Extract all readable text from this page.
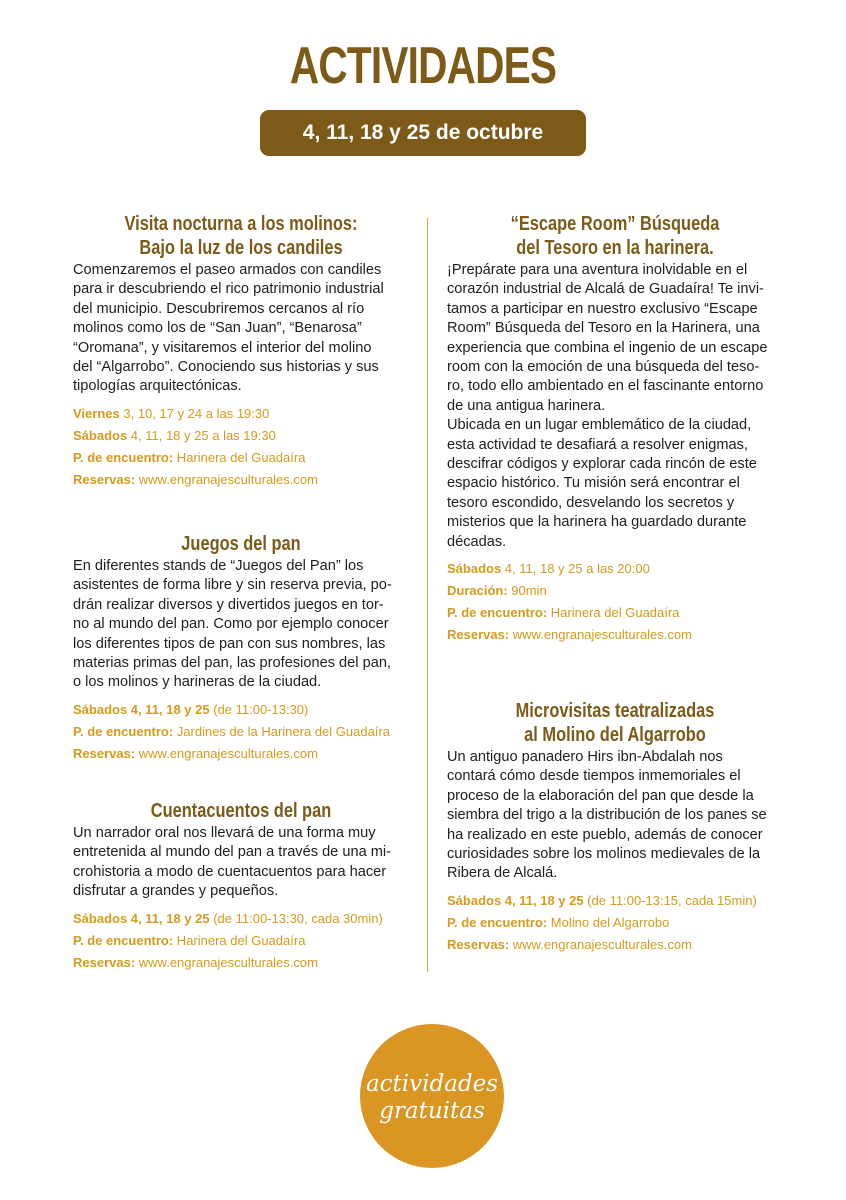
ACTIVIDADES
4, 11, 18 y 25 de octubre
Visita nocturna a los molinos:
Bajo la luz de los candiles
Comenzaremos el paseo armados con candiles
para ir descubriendo el rico patrimonio industrial
del municipio. Descubriremos cercanos al río
molinos como los de “San Juan”, “Benarosa”
“Oromana”, y visitaremos el interior del molino
del “Algarrobo”. Conociendo sus historias y sus
tipologías arquitectónicas.
Viernes 3, 10, 17 y 24 a las 19:30
Sábados 4, 11, 18 y 25 a las 19:30
P. de encuentro: Harinera del Guadaíra
Reservas: www.engranajesculturales.com
Juegos del pan
En diferentes stands de “Juegos del Pan” los
asistentes de forma libre y sin reserva previa, po-
drán realizar diversos y divertidos juegos en tor-
no al mundo del pan. Como por ejemplo conocer
los diferentes tipos de pan con sus nombres, las
materias primas del pan, las profesiones del pan,
o los molinos y harineras de la ciudad.
Sábados 4, 11, 18 y 25 (de 11:00-13:30)
P. de encuentro: Jardines de la Harinera del Guadaíra
Reservas: www.engranajesculturales.com
Cuentacuentos del pan
Un narrador oral nos llevará de una forma muy
entretenida al mundo del pan a través de una mi-
crohistoria a modo de cuentacuentos para hacer
disfrutar a grandes y pequeños.
Sábados 4, 11, 18 y 25 (de 11:00-13:30, cada 30min)
P. de encuentro: Harinera del Guadaíra
Reservas: www.engranajesculturales.com
“Escape Room” Búsqueda
del Tesoro en la harinera.
¡Prepárate para una aventura inolvidable en el
corazón industrial de Alcalá de Guadaíra! Te invi-
tamos a participar en nuestro exclusivo “Escape
Room” Búsqueda del Tesoro en la Harinera, una
experiencia que combina el ingenio de un escape
room con la emoción de una búsqueda del teso-
ro, todo ello ambientado en el fascinante entorno
de una antigua harinera.
Ubicada en un lugar emblemático de la ciudad,
esta actividad te desafiará a resolver enigmas,
descifrar códigos y explorar cada rincón de este
espacio histórico. Tu misión será encontrar el
tesoro escondido, desvelando los secretos y
misterios que la harinera ha guardado durante
décadas.
Sábados 4, 11, 18 y 25 a las 20:00
Duración: 90min
P. de encuentro: Harinera del Guadaíra
Reservas: www.engranajesculturales.com
Microvisitas teatralizadas
al Molino del Algarrobo
Un antiguo panadero Hirs ibn-Abdalah nos
contará cómo desde tiempos inmemoriales el
proceso de la elaboración del pan que desde la
siembra del trigo a la distribución de los panes se
ha realizado en este pueblo, además de conocer
curiosidades sobre los molinos medievales de la
Ribera de Alcalá.
Sábados 4, 11, 18 y 25 (de 11:00-13:15, cada 15min)
P. de encuentro: Molino del Algarrobo
Reservas: www.engranajesculturales.com
actividades
gratuitas
